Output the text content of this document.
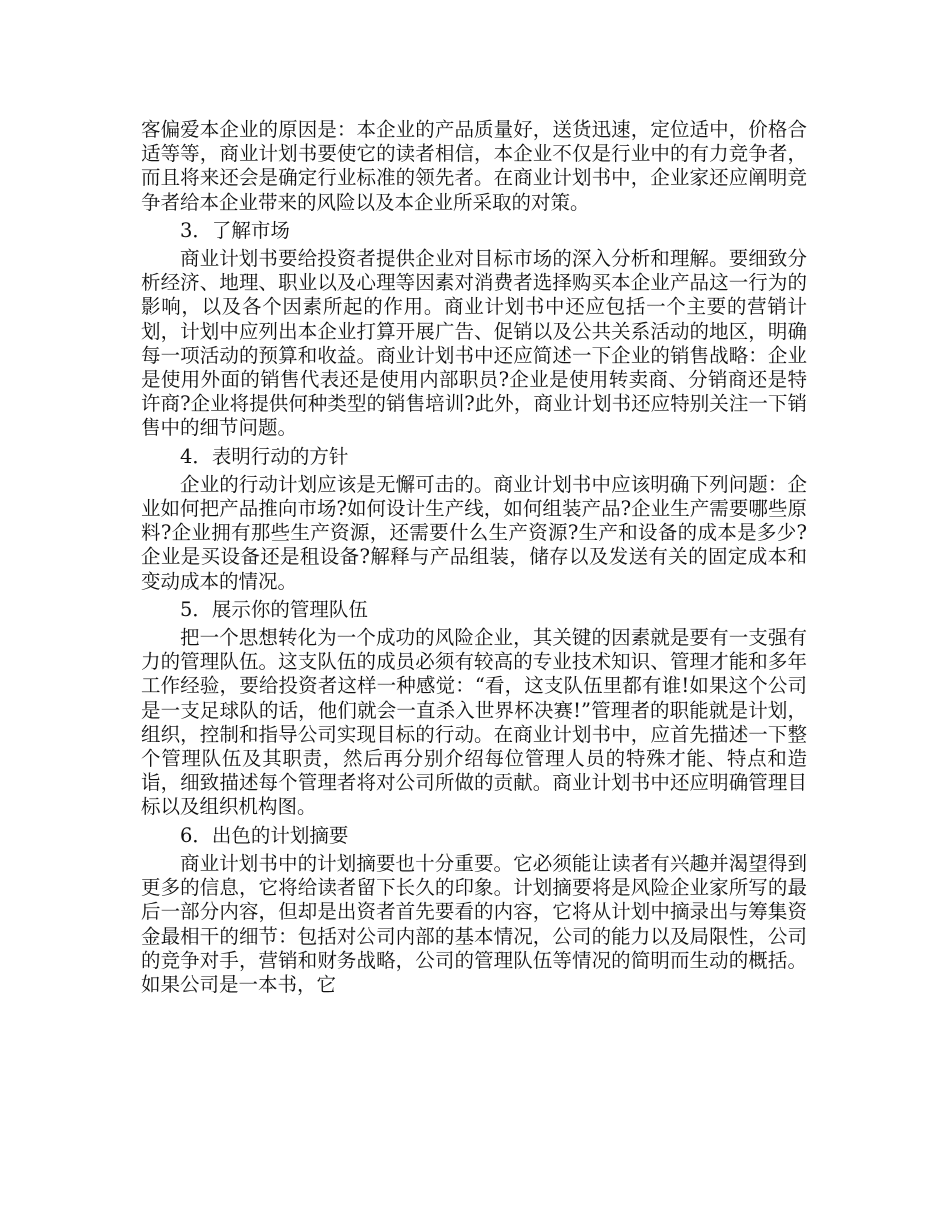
客偏爱本企业的原因是：本企业的产品质量好，送货迅速，定位适中，价格合适等等，商业计划书要使它的读者相信，本企业不仅是行业中的有力竞争者，而且将来还会是确定行业标准的领先者。在商业计划书中，企业家还应阐明竞争者给本企业带来的风险以及本企业所采取的对策。

3．了解市场

商业计划书要给投资者提供企业对目标市场的深入分析和理解。要细致分析经济、地理、职业以及心理等因素对消费者选择购买本企业产品这一行为的影响，以及各个因素所起的作用。商业计划书中还应包括一个主要的营销计划，计划中应列出本企业打算开展广告、促销以及公共关系活动的地区，明确每一项活动的预算和收益。商业计划书中还应简述一下企业的销售战略：企业是使用外面的销售代表还是使用内部职员?企业是使用转卖商、分销商还是特许商?企业将提供何种类型的销售培训?此外，商业计划书还应特别关注一下销售中的细节问题。

4．表明行动的方针

企业的行动计划应该是无懈可击的。商业计划书中应该明确下列问题：企业如何把产品推向市场?如何设计生产线，如何组装产品?企业生产需要哪些原料?企业拥有那些生产资源，还需要什么生产资源?生产和设备的成本是多少?企业是买设备还是租设备?解释与产品组装，储存以及发送有关的固定成本和变动成本的情况。

5．展示你的管理队伍

把一个思想转化为一个成功的风险企业，其关键的因素就是要有一支强有力的管理队伍。这支队伍的成员必须有较高的专业技术知识、管理才能和多年工作经验，要给投资者这样一种感觉：“看，这支队伍里都有谁!如果这个公司是一支足球队的话，他们就会一直杀入世界杯决赛!”管理者的职能就是计划，组织，控制和指导公司实现目标的行动。在商业计划书中，应首先描述一下整个管理队伍及其职责，然后再分别介绍每位管理人员的特殊才能、特点和造诣，细致描述每个管理者将对公司所做的贡献。商业计划书中还应明确管理目标以及组织机构图。

6．出色的计划摘要

商业计划书中的计划摘要也十分重要。它必须能让读者有兴趣并渴望得到更多的信息，它将给读者留下长久的印象。计划摘要将是风险企业家所写的最后一部分内容，但却是出资者首先要看的内容，它将从计划中摘录出与筹集资金最相干的细节：包括对公司内部的基本情况，公司的能力以及局限性，公司的竞争对手，营销和财务战略，公司的管理队伍等情况的简明而生动的概括。如果公司是一本书，它
